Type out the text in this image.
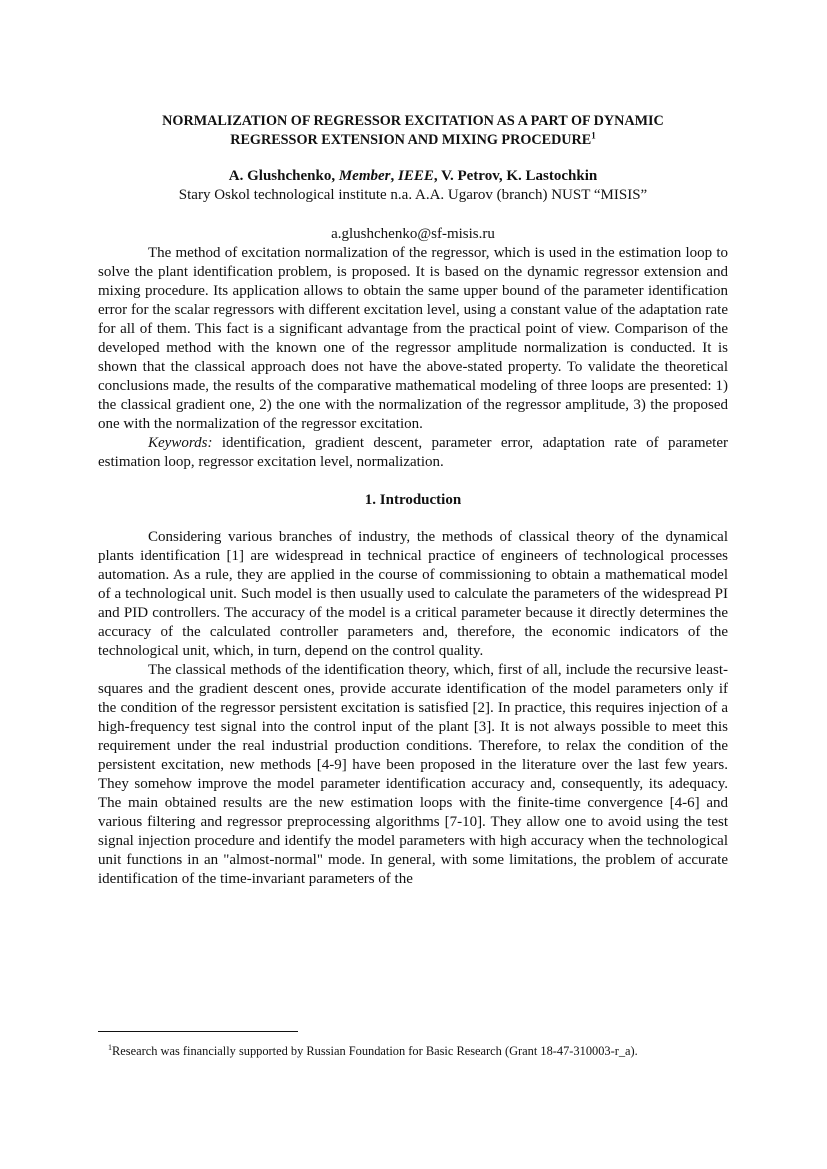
NORMALIZATION OF REGRESSOR EXCITATION AS A PART OF DYNAMIC
REGRESSOR EXTENSION AND MIXING PROCEDURE$^1$
A. Glushchenko, Member, IEEE, V. Petrov, K. Lastochkin
Stary Oskol technological institute n.a. A.A. Ugarov (branch) NUST “MISIS”
a.glushchenko@sf-misis.ru

The method of excitation normalization of the regressor, which is used in the estimation loop to solve the plant identification problem, is proposed. It is based on the dynamic regressor extension and mixing procedure. Its application allows to obtain the same upper bound of the parameter identification error for the scalar regressors with different excitation level, using a constant value of the adaptation rate for all of them. This fact is a significant advantage from the practical point of view. Comparison of the developed method with the known one of the regressor amplitude normalization is conducted. It is shown that the classical approach does not have the above-stated property. To validate the theoretical conclusions made, the results of the comparative mathematical modeling of three loops are presented: 1) the classical gradient one, 2) the one with the normalization of the regressor amplitude, 3) the proposed one with the normalization of the regressor excitation.

Keywords: identification, gradient descent, parameter error, adaptation rate of parameter estimation loop, regressor excitation level, normalization.

1. Introduction

Considering various branches of industry, the methods of classical theory of the dynamical plants identification [1] are widespread in technical practice of engineers of technological processes automation. As a rule, they are applied in the course of commissioning to obtain a mathematical model of a technological unit. Such model is then usually used to calculate the parameters of the widespread PI and PID controllers. The accuracy of the model is a critical parameter because it directly determines the accuracy of the calculated controller parameters and, therefore, the economic indicators of the technological unit, which, in turn, depend on the control quality.

The classical methods of the identification theory, which, first of all, include the recursive least-squares and the gradient descent ones, provide accurate identification of the model parameters only if the condition of the regressor persistent excitation is satisfied [2]. In practice, this requires injection of a high-frequency test signal into the control input of the plant [3]. It is not always possible to meet this requirement under the real industrial production conditions. Therefore, to relax the condition of the persistent excitation, new methods [4-9] have been proposed in the literature over the last few years. They somehow improve the model parameter identification accuracy and, consequently, its adequacy. The main obtained results are the new estimation loops with the finite-time convergence [4-6] and various filtering and regressor preprocessing algorithms [7-10]. They allow one to avoid using the test signal injection procedure and identify the model parameters with high accuracy when the technological unit functions in an "almost-normal" mode. In general, with some limitations, the problem of accurate identification of the time-invariant parameters of the

$^1$Research was financially supported by Russian Foundation for Basic Research (Grant 18-47-310003-r_a).
